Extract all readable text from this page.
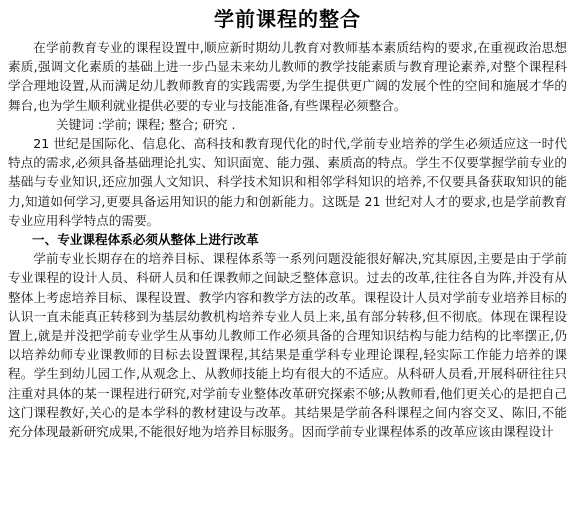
学前课程的整合

在学前教育专业的课程设置中,顺应新时期幼儿教育对教师基本素质结构的要求,在重视政治思想素质,强调文化素质的基础上进一步凸显未来幼儿教师的教学技能素质与教育理论素养,对整个课程科学合理地设置,从而满足幼儿教师教育的实践需要,为学生提供更广阔的发展个性的空间和施展才华的舞台,也为学生顺利就业提供必要的专业与技能准备,有些课程必须整合。

关键词 :学前; 课程; 整合; 研究 .

21 世纪是国际化、信息化、高科技和教育现代化的时代,学前专业培养的学生必须适应这一时代特点的需求,必须具备基础理论扎实、知识面宽、能力强、素质高的特点。学生不仅要掌握学前专业的基础与专业知识,还应加强人文知识、科学技术知识和相邻学科知识的培养,不仅要具备获取知识的能力,知道如何学习,更要具备运用知识的能力和创新能力。这既是 21 世纪对人才的要求,也是学前教育专业应用科学特点的需要。

一、专业课程体系必须从整体上进行改革

学前专业长期存在的培养目标、课程体系等一系列问题没能很好解决,究其原因,主要是由于学前专业课程的设计人员、科研人员和任课教师之间缺乏整体意识。过去的改革,往往各自为阵,并没有从整体上考虑培养目标、课程设置、教学内容和教学方法的改革。课程设计人员对学前专业培养目标的认识一直未能真正转移到为基层幼教机构培养专业人员上来,虽有部分转移,但不彻底。体现在课程设置上,就是并没把学前专业学生从事幼儿教师工作必须具备的合理知识结构与能力结构的比率摆正,仍以培养幼师专业课教师的目标去设置课程,其结果是重学科专业理论课程,轻实际工作能力培养的课程。学生到幼儿园工作,从观念上、从教师技能上均有很大的不适应。从科研人员看,开展科研往往只注重对具体的某一课程进行研究,对学前专业整体改革研究探索不够;从教师看,他们更关心的是把自己这门课程教好,关心的是本学科的教材建设与改革。其结果是学前各科课程之间内容交叉、陈旧,不能充分体现最新研究成果,不能很好地为培养目标服务。因而学前专业课程体系的改革应该由课程设计
